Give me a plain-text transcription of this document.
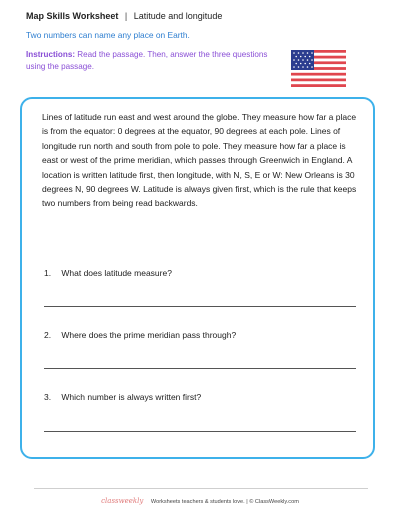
Map Skills Worksheet | Latitude and longitude
Two numbers can name any place on Earth.
Instructions: Read the passage. Then, answer the three questions using the passage.
Lines of latitude run east and west around the globe. They measure how far a place is from the equator: 0 degrees at the equator, 90 degrees at each pole. Lines of longitude run north and south from pole to pole. They measure how far a place is east or west of the prime meridian, which passes through Greenwich in England. A location is written latitude first, then longitude, with N, S, E or W: New Orleans is 30 degrees N, 90 degrees W. Latitude is always given first, which is the rule that keeps two numbers from being read backwards.
1. What does latitude measure?
2. Where does the prime meridian pass through?
3. Which number is always written first?
classweekly Worksheets teachers & students love. | © ClassWeekly.com
